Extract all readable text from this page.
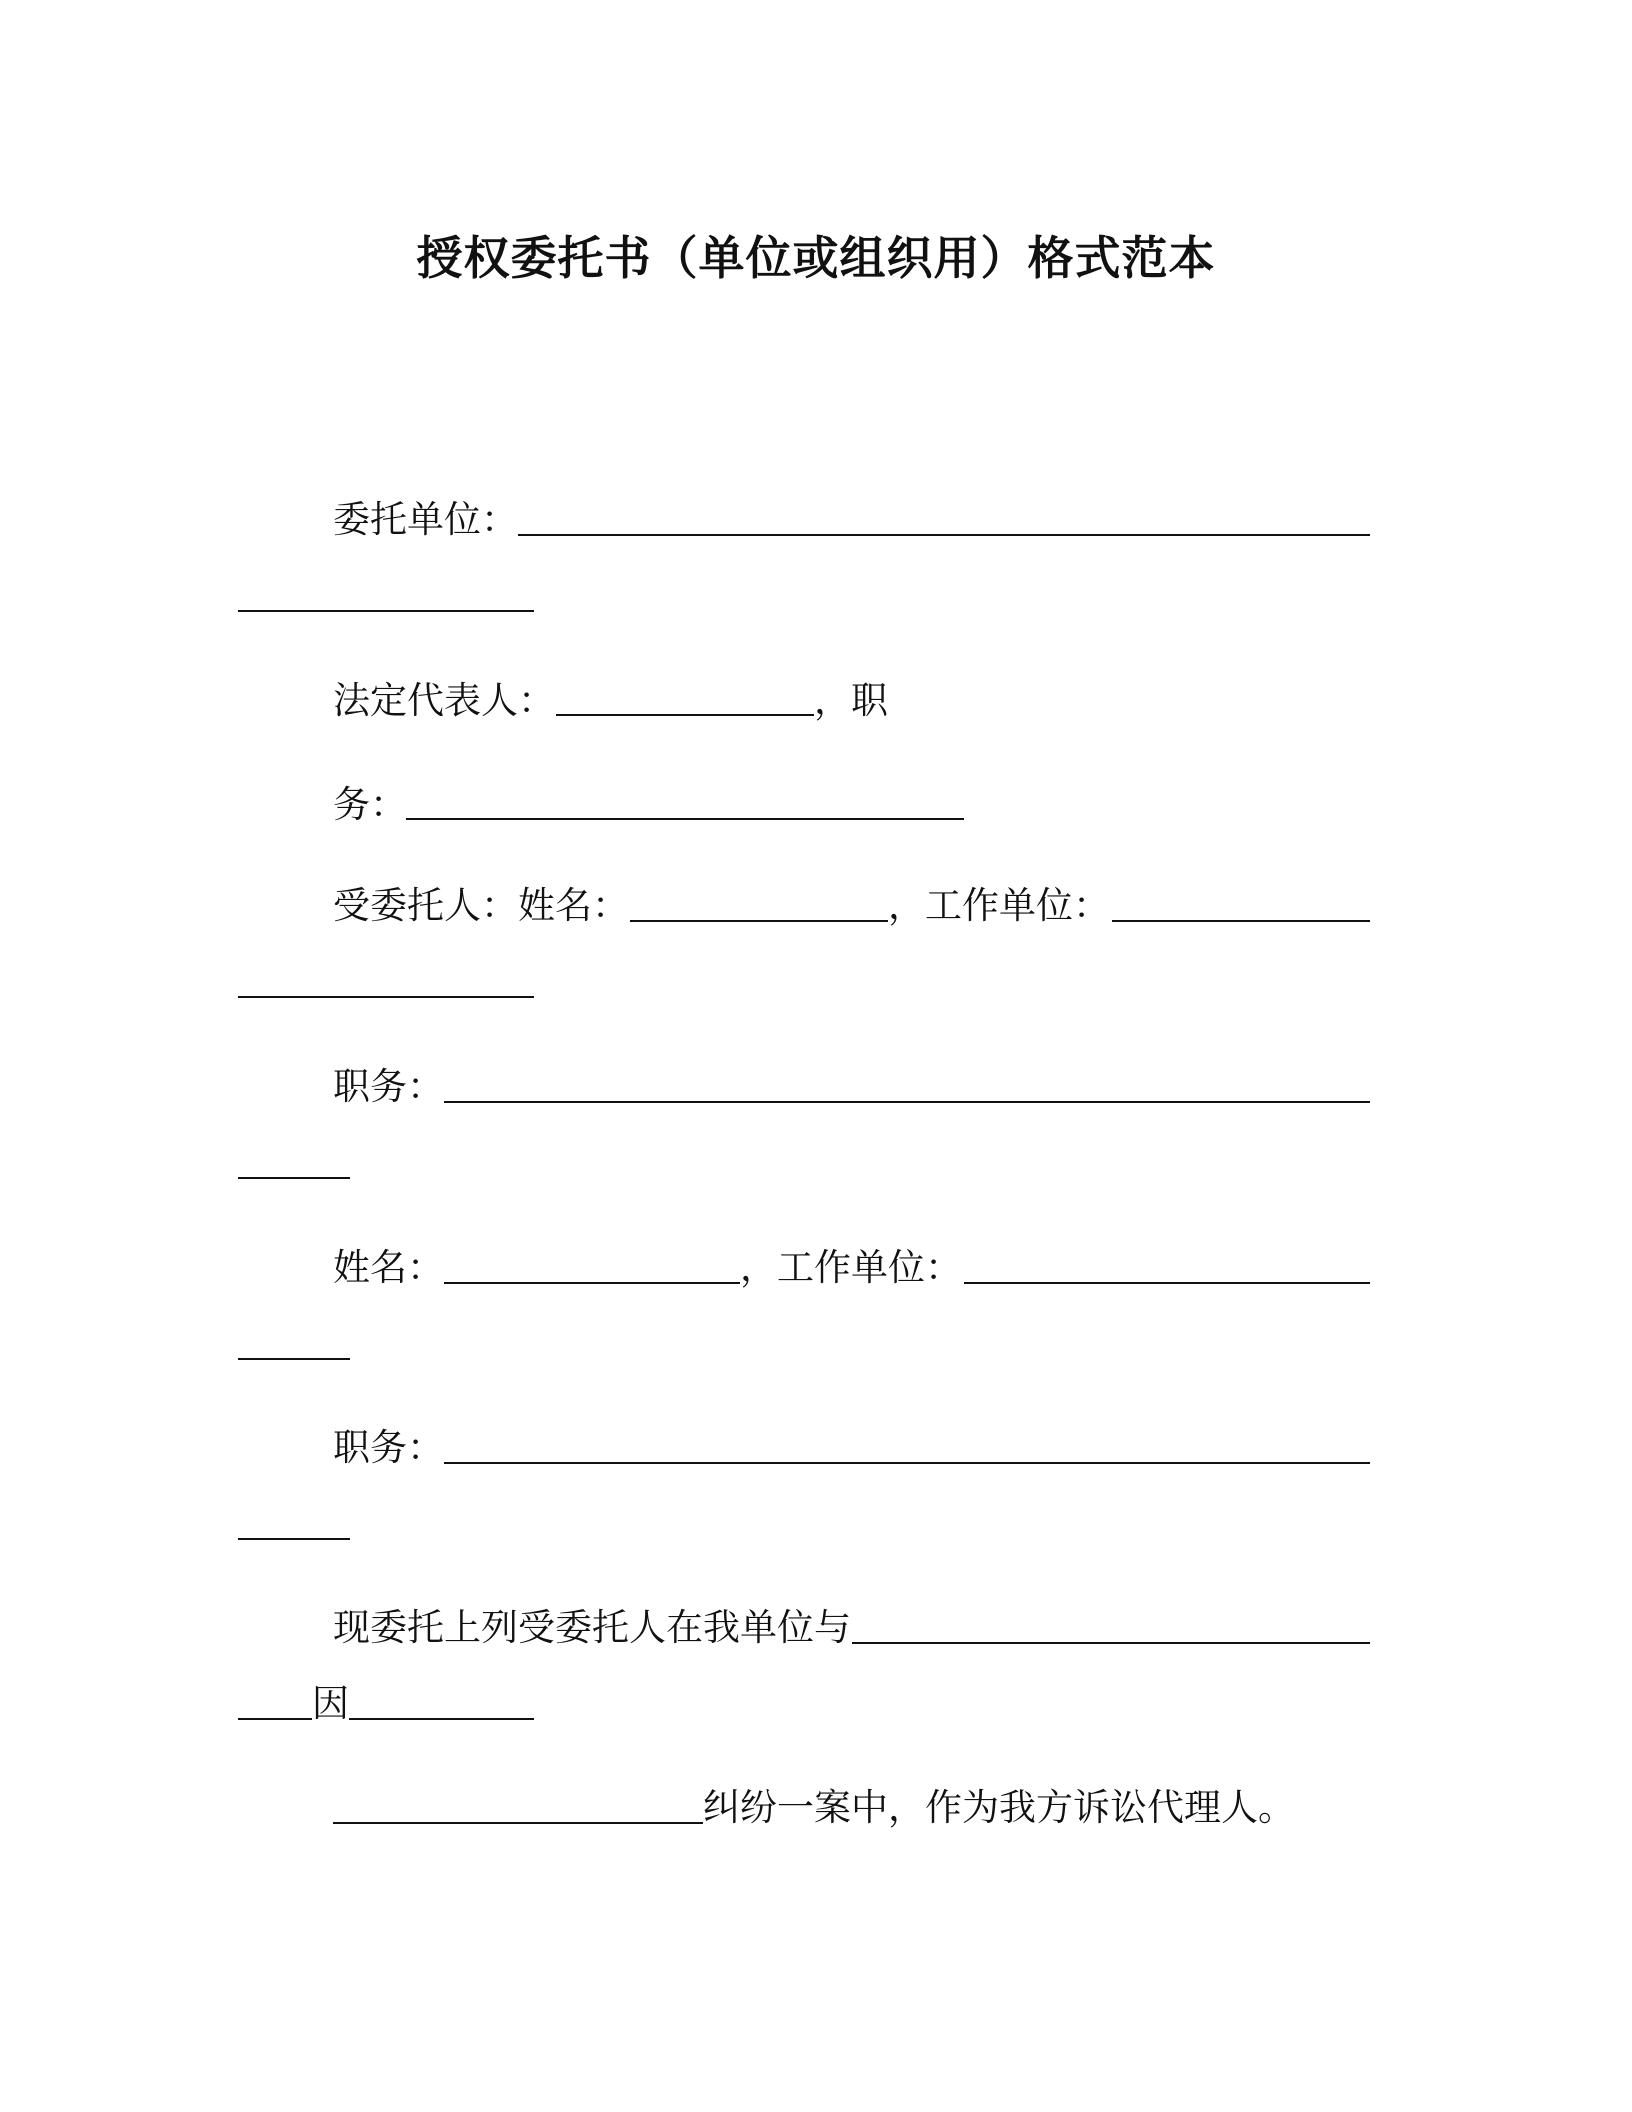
授权委托书（单位或组织用）格式范本
委托单位：
法定代表人：	，职
务：
受委托人：姓名：	，工作单位：
职务：
姓名：	，工作单位：
职务：
现委托上列受委托人在我单位与
因
纠纷一案中，作为我方诉讼代理人。
